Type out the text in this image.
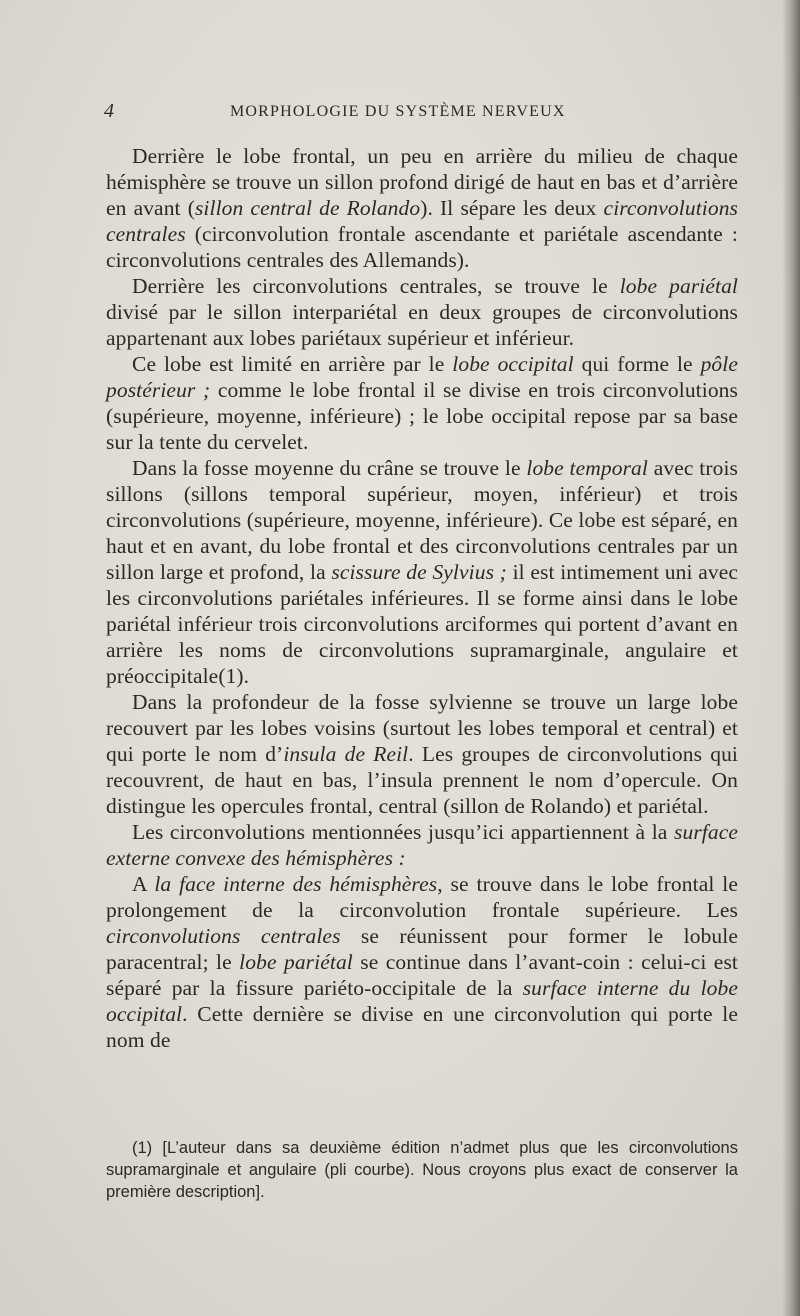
4	MORPHOLOGIE DU SYSTÈME NERVEUX

Derrière le lobe frontal, un peu en arrière du milieu de chaque hémisphère se trouve un sillon profond dirigé de haut en bas et d’arrière en avant (sillon central de Rolando). Il sépare les deux circonvolutions centrales (circonvolution frontale ascendante et pariétale ascendante : circonvolutions centrales des Allemands).

Derrière les circonvolutions centrales, se trouve le lobe pariétal divisé par le sillon interpariétal en deux groupes de circonvolutions appartenant aux lobes pariétaux supérieur et inférieur.

Ce lobe est limité en arrière par le lobe occipital qui forme le pôle postérieur ; comme le lobe frontal il se divise en trois circonvolutions (supérieure, moyenne, inférieure) ; le lobe occipital repose par sa base sur la tente du cervelet.

Dans la fosse moyenne du crâne se trouve le lobe temporal avec trois sillons (sillons temporal supérieur, moyen, inférieur) et trois circonvolutions (supérieure, moyenne, inférieure). Ce lobe est séparé, en haut et en avant, du lobe frontal et des circonvolutions centrales par un sillon large et profond, la scissure de Sylvius ; il est intimement uni avec les circonvolutions pariétales inférieures. Il se forme ainsi dans le lobe pariétal inférieur trois circonvolutions arciformes qui portent d’avant en arrière les noms de circonvolutions supramarginale, angulaire et préoccipitale(1).

Dans la profondeur de la fosse sylvienne se trouve un large lobe recouvert par les lobes voisins (surtout les lobes temporal et central) et qui porte le nom d’insula de Reil. Les groupes de circonvolutions qui recouvrent, de haut en bas, l’insula prennent le nom d’opercule. On distingue les opercules frontal, central (sillon de Rolando) et pariétal.

Les circonvolutions mentionnées jusqu’ici appartiennent à la surface externe convexe des hémisphères :

A la face interne des hémisphères, se trouve dans le lobe frontal le prolongement de la circonvolution frontale supérieure. Les circonvolutions centrales se réunissent pour former le lobule paracentral; le lobe pariétal se continue dans l’avant-coin : celui-ci est séparé par la fissure pariéto-occipitale de la surface interne du lobe occipital. Cette dernière se divise en une circonvolution qui porte le nom de

(1) [L’auteur dans sa deuxième édition n’admet plus que les circonvolutions supramarginale et angulaire (pli courbe). Nous croyons plus exact de conserver la première description].
